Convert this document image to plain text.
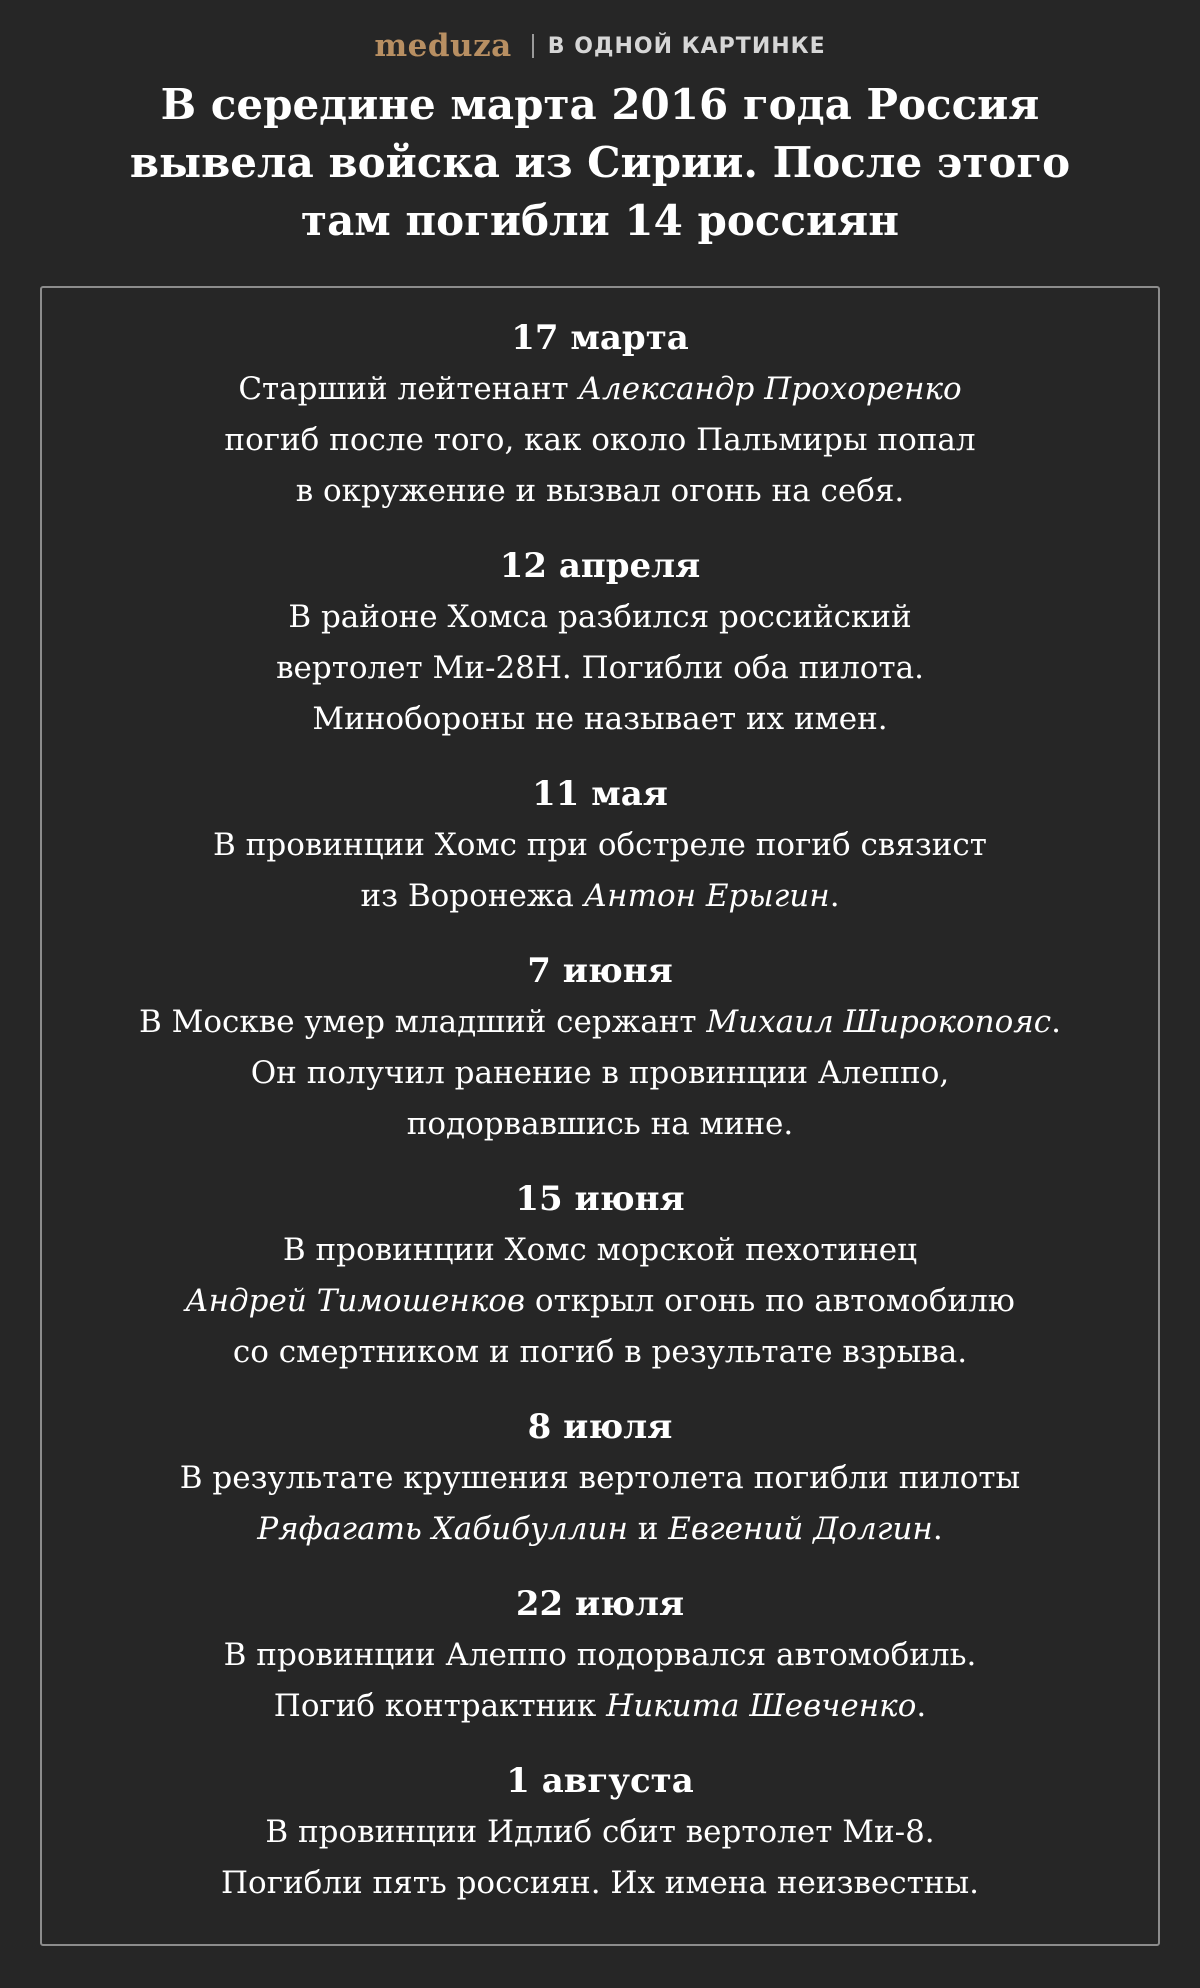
meduza В ОДНОЙ КАРТИНКЕ
В середине марта 2016 года Россия
вывела войска из Сирии. После этого
там погибли 14 россиян
17 марта
Старший лейтенант Александр Прохоренко
погиб после того, как около Пальмиры попал
в окружение и вызвал огонь на себя.
12 апреля
В районе Хомса разбился российский
вертолет Ми-28Н. Погибли оба пилота.
Минобороны не называет их имен.
11 мая
В провинции Хомс при обстреле погиб связист
из Воронежа Антон Ерыгин.
7 июня
В Москве умер младший сержант Михаил Широкопояс.
Он получил ранение в провинции Алеппо,
подорвавшись на мине.
15 июня
В провинции Хомс морской пехотинец
Андрей Тимошенков открыл огонь по автомобилю
со смертником и погиб в результате взрыва.
8 июля
В результате крушения вертолета погибли пилоты
Ряфагать Хабибуллин и Евгений Долгин.
22 июля
В провинции Алеппо подорвался автомобиль.
Погиб контрактник Никита Шевченко.
1 августа
В провинции Идлиб сбит вертолет Ми-8.
Погибли пять россиян. Их имена неизвестны.
